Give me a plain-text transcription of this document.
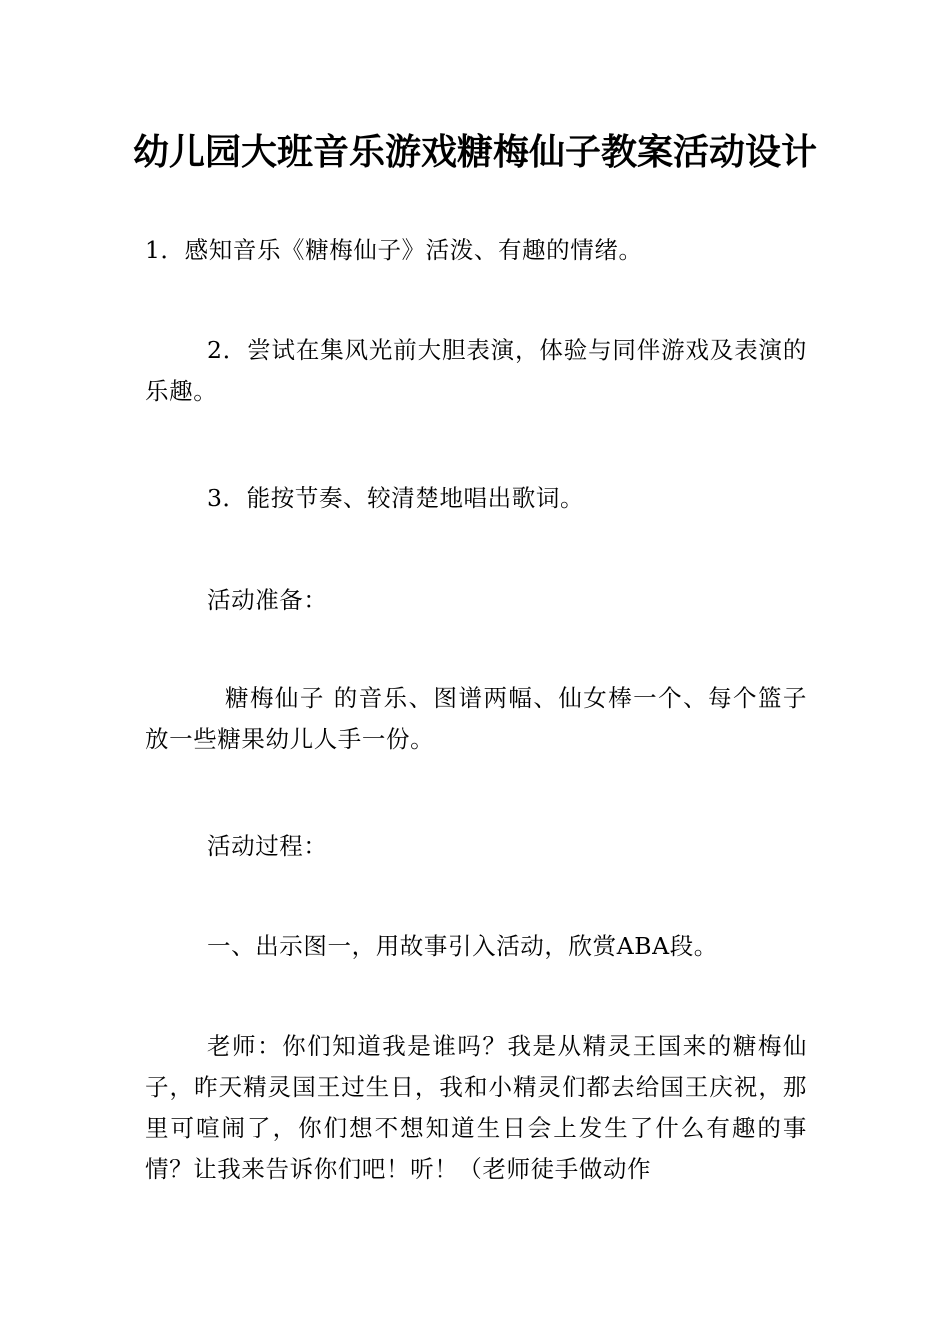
幼儿园大班音乐游戏糖梅仙子教案活动设计

1．感知音乐《糖梅仙子》活泼、有趣的情绪。

2．尝试在集风光前大胆表演，体验与同伴游戏及表演的乐趣。

3．能按节奏、较清楚地唱出歌词。

活动准备：

糖梅仙子 的音乐、图谱两幅、仙女棒一个、每个篮子放一些糖果幼儿人手一份。

活动过程：

一、出示图一，用故事引入活动，欣赏ABA段。

老师：你们知道我是谁吗？我是从精灵王国来的糖梅仙子，昨天精灵国王过生日，我和小精灵们都去给国王庆祝，那里可喧闹了，你们想不想知道生日会上发生了什么有趣的事情？让我来告诉你们吧！听！（老师徒手做动作
